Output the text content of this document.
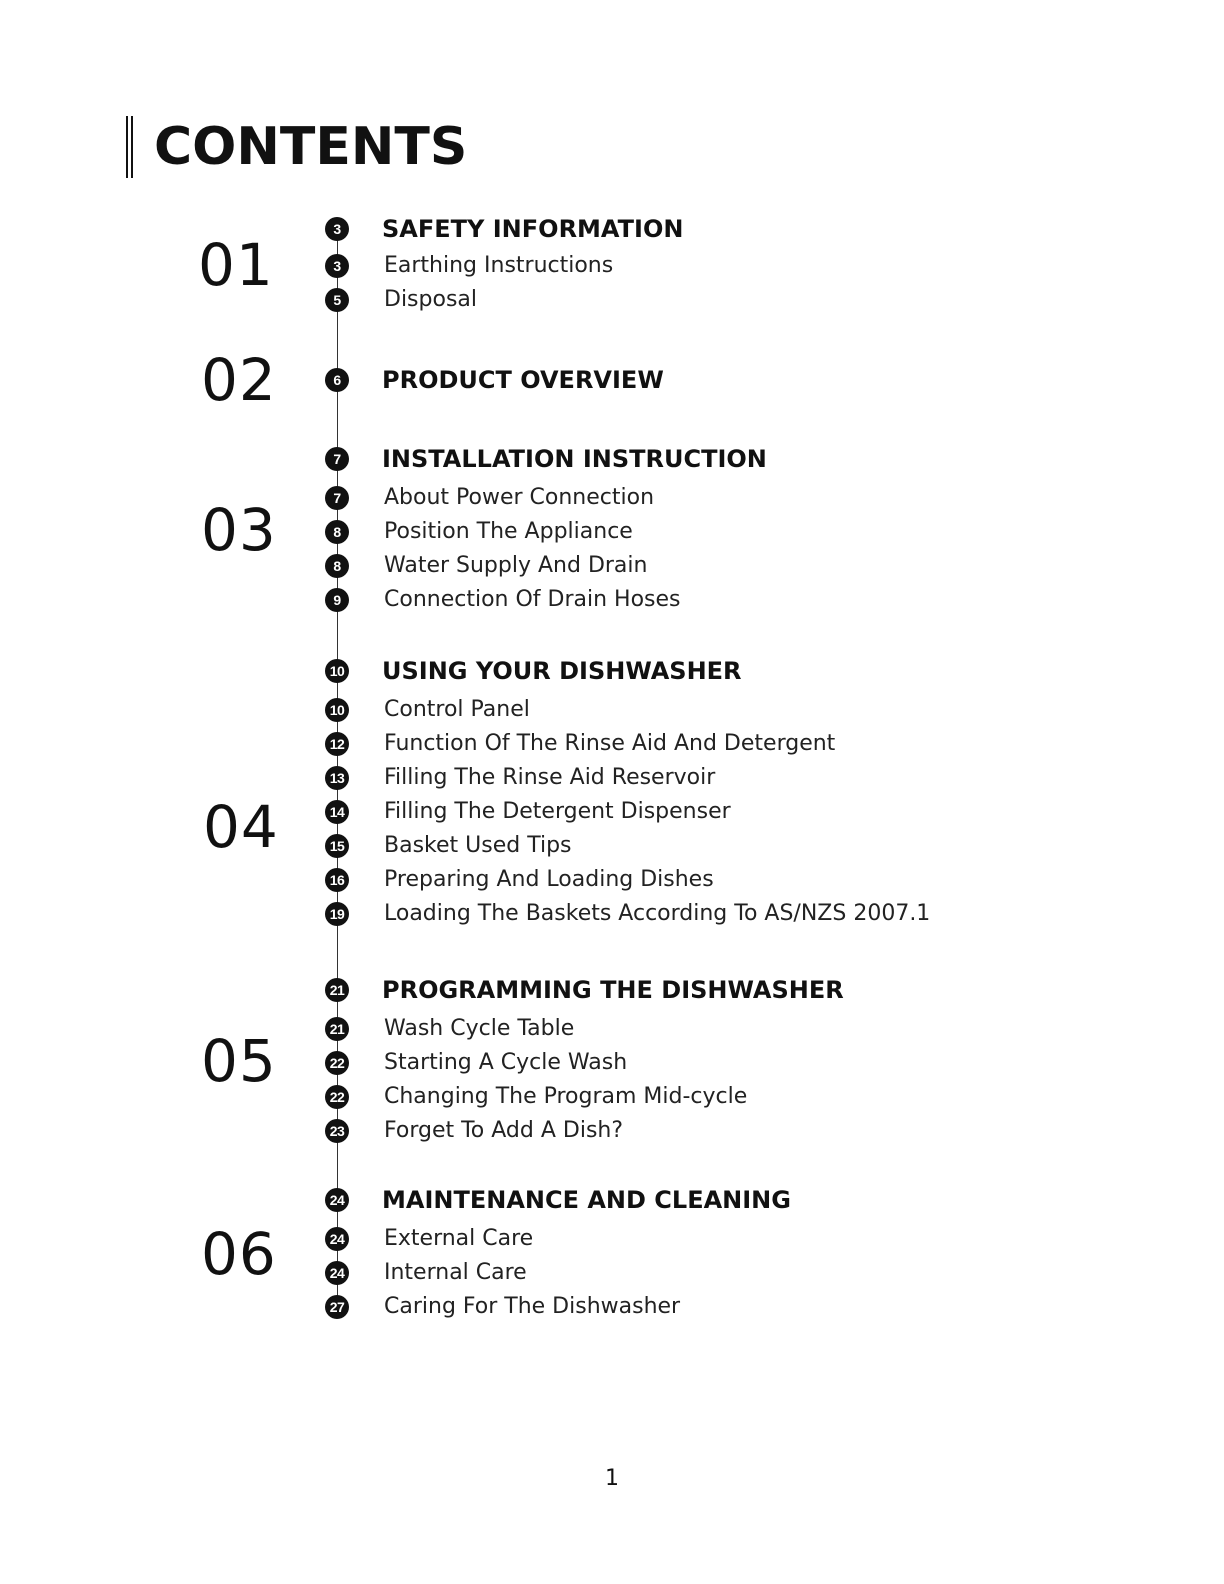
CONTENTS
01
3	SAFETY INFORMATION
3	Earthing Instructions
5	Disposal
02	6	PRODUCT OVERVIEW
03
7	INSTALLATION INSTRUCTION
7	About Power Connection
8	Position The Appliance
8	Water Supply And Drain
9	Connection Of Drain Hoses
04
10 USING YOUR DISHWASHER
10 Control Panel
12 Function Of The Rinse Aid And Detergent
13 Filling The Rinse Aid Reservoir
14 Filling The Detergent Dispenser
15 Basket Used Tips
16 Preparing And Loading Dishes
19 Loading The Baskets According To AS/NZS 2007.1
05
21 PROGRAMMING THE DISHWASHER
21 Wash Cycle Table
22 Starting A Cycle Wash
22 Changing The Program Mid-cycle
23 Forget To Add A Dish?
06
24 MAINTENANCE AND CLEANING
24 External Care
24 Internal Care
27 Caring For The Dishwasher
1
